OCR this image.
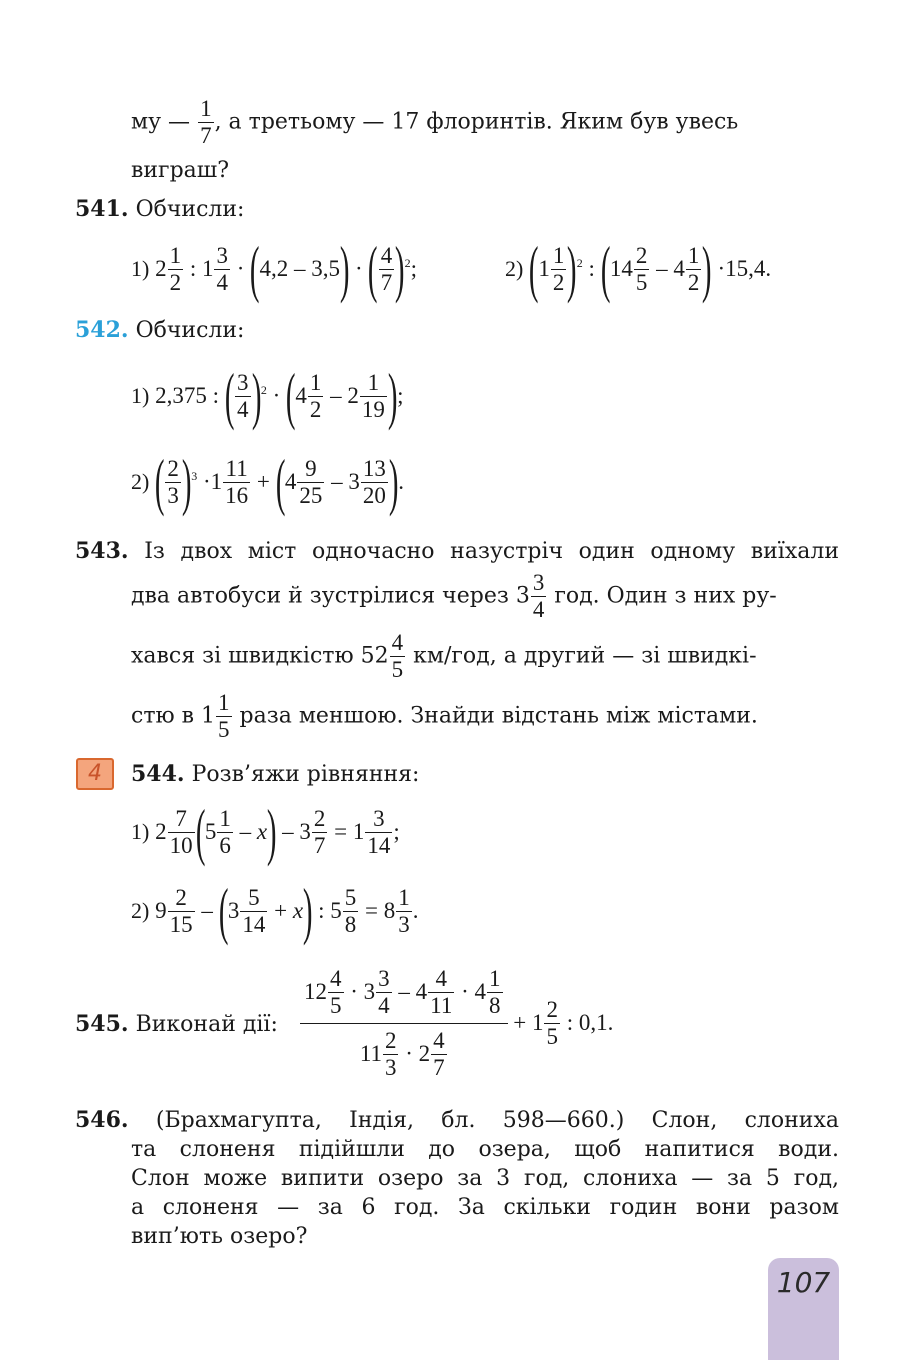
му — $\frac{1}{7}$ , а третьому — 17 флоринтів. Яким був увесь
виграш?
541. Обчисли:
1) $2 \frac{1}{2}$ : $1 \frac{3}{4}$ · ( 4,2 – 3,5 ) · ( $\frac{4}{7}$ ) 2 ;	2)
( $1 \frac{1}{2}$ ) 2 : ( $14 \frac{2}{5} - 4 \frac{1}{2}$ ) ·15,4.
542. Обчисли:
1) 2,375 : ( $\frac{3}{4}$ ) 2 · ( $4 \frac{1}{2} - 2 \frac{1}{19}$ ) ;
2)
( $\frac{2}{3}$ ) $3 \cdot 1 \frac{11}{16}$ + ( $4 \frac{9}{25} - 3 \frac{13}{20}$ ) .
543. Із двох міст одночасно назустріч один одному виїхали
два автобуси й зустрілися через $3 \frac{3}{4}$ год. Один з них ру-
хався зі швидкістю $52 \frac{4}{5} км/год$, а другий — зі швидкі-
стю в $1 \frac{1}{5}$ раза меншою. Знайди відстань між містами.
4	544. Розв’яжи рівняння:
1) $2 \frac{7}{10}$ ( $5 \frac{1}{6}$ – x ) – $3 \frac{2}{7} = 1 \frac{3}{14}$ ;
2) $9 \frac{2}{15}$ – ( $3 \frac{5}{14} + x$ ) : $5 \frac{5}{8} = 8 \frac{1}{3}$ .
545. Виконай дії:
$12 \frac{4}{5} \cdot 3 \frac{3}{4} - 4 \frac{4}{11} \cdot 4 \frac{1}{8}$
$11 \frac{2}{3} \cdot 2 \frac{4}{7}$
+ $1 \frac{2}{5}$ : 0,1.
546. (Брахмагупта, Індія, бл. 598—660.) Слон, слониха
та слоненя підійшли до озера, щоб напитися води.
Слон може випити озеро за 3 год, слониха — за 5 год,
а слоненя — за 6 год. За скільки годин вони разом
вип’ють озеро?
107
